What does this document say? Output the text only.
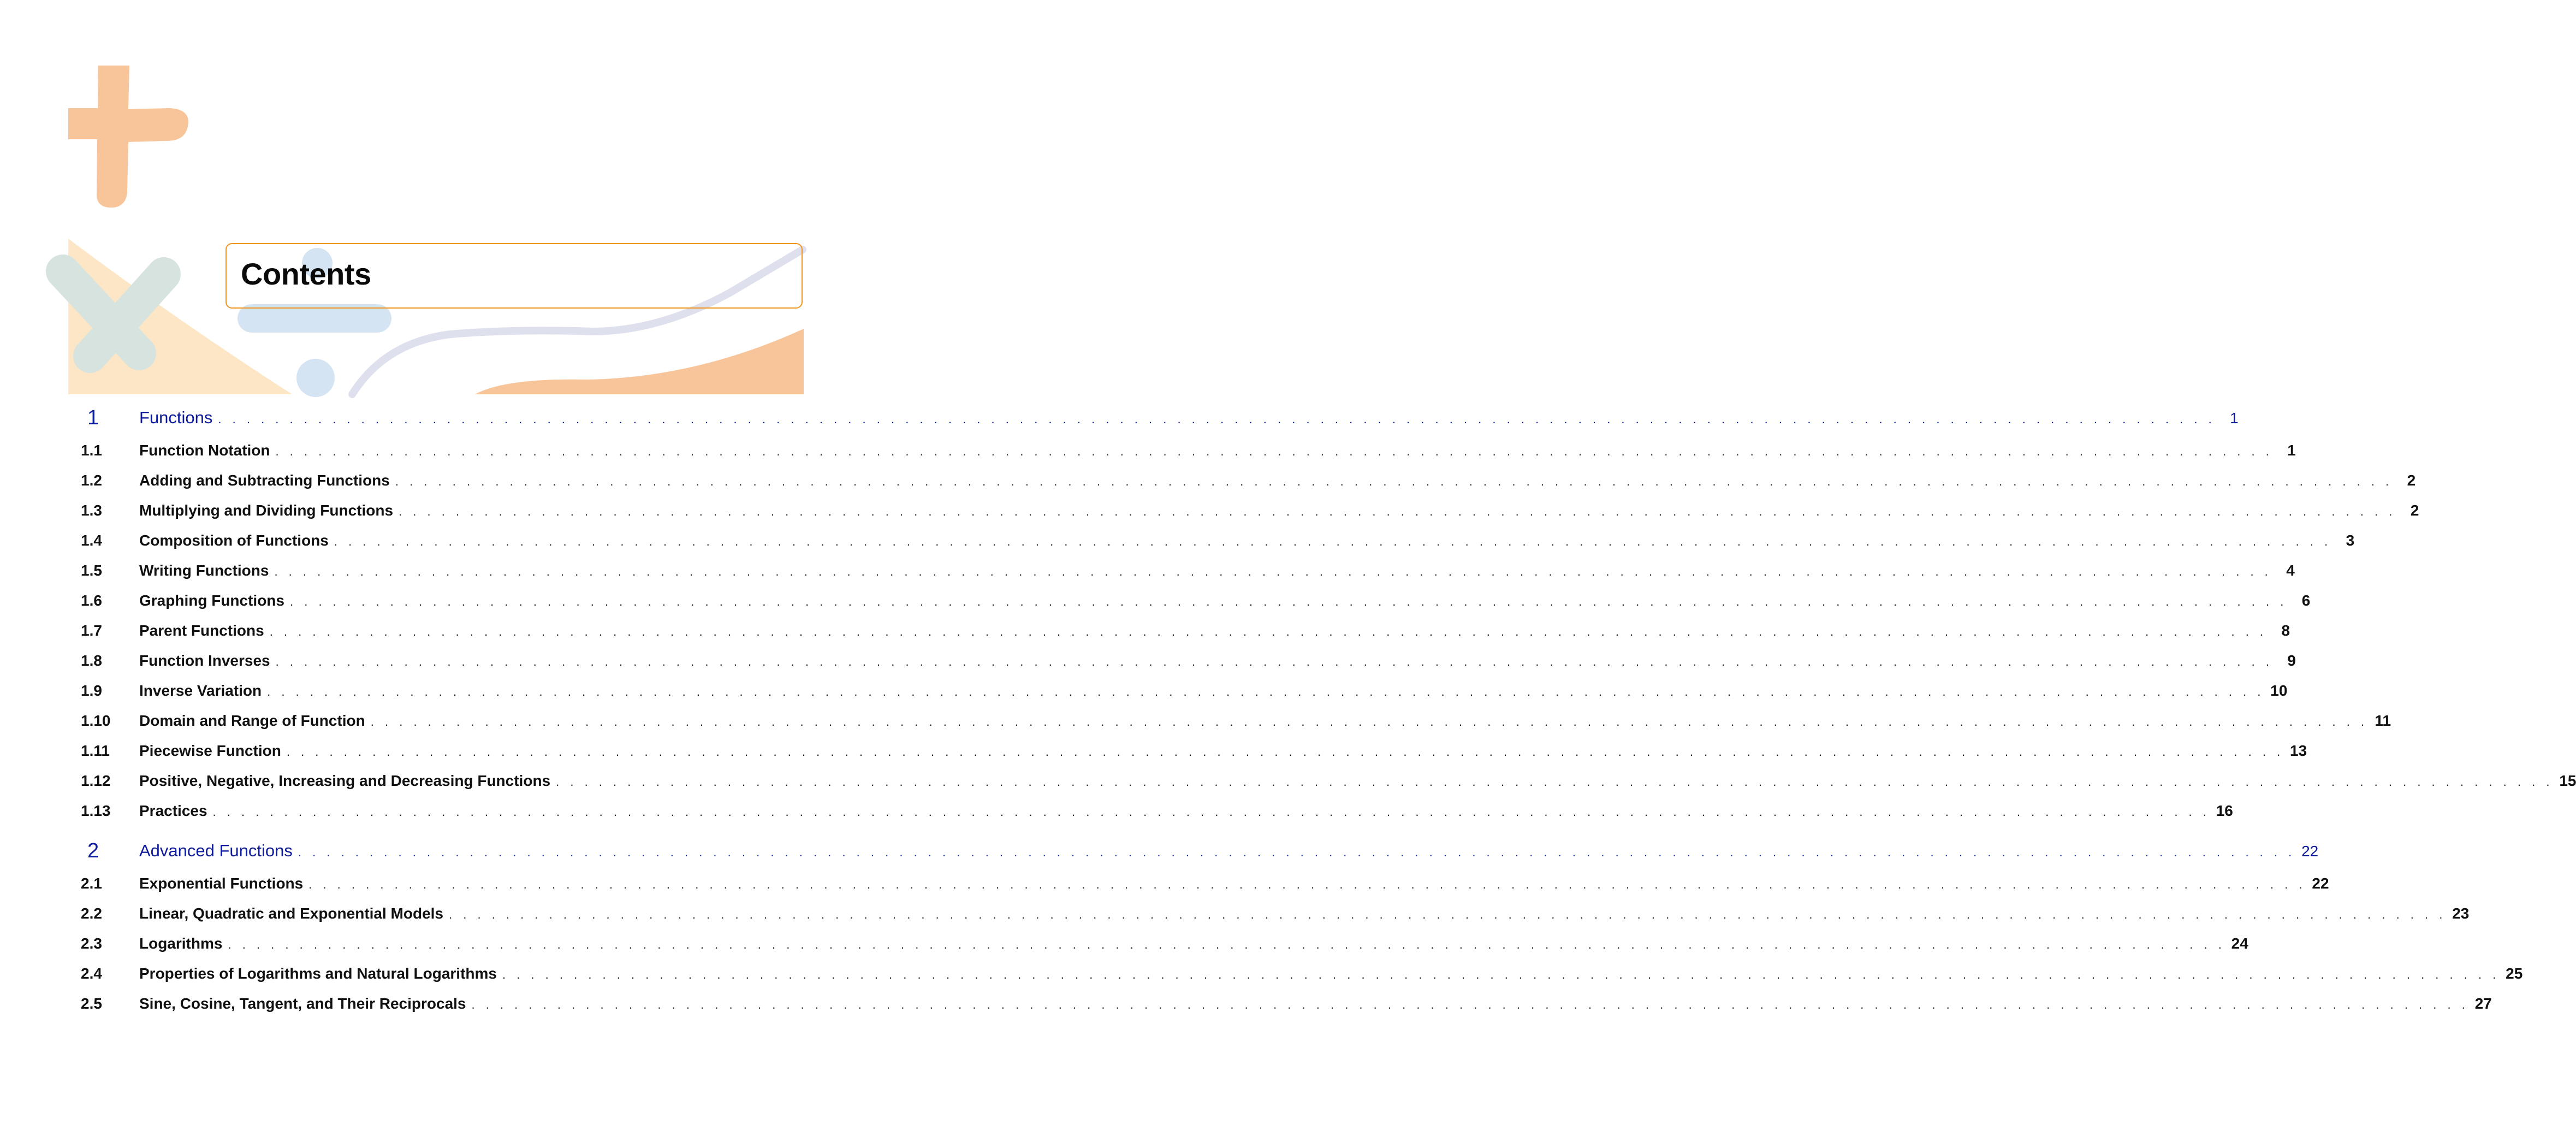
Contents
1	Functions . . . . . . . . . . . . . . . . . . . . . . . . . . . . . . . . . . . . . . . . . . . . . . . . . . . . . . . . . . . . . . . . . . . . . . . . . . . . . . . . . . . . . . . . . . . . . . . . . . . . . . . . . . . . . . . . . . . . . . . . . . . . . . . . . . . . . . . . . . . . 1
1.1	Function Notation . . . . . . . . . . . . . . . . . . . . . . . . . . . . . . . . . . . . . . . . . . . . . . . . . . . . . . . . . . . . . . . . . . . . . . . . . . . . . . . . . . . . . . . . . . . . . . . . . . . . . . . . . . . . . . . . . . . . . . . . . . . . . . . . . . . . . . . . . . . . 1
1.2	Adding and Subtracting Functions . . . . . . . . . . . . . . . . . . . . . . . . . . . . . . . . . . . . . . . . . . . . . . . . . . . . . . . . . . . . . . . . . . . . . . . . . . . . . . . . . . . . . . . . . . . . . . . . . . . . . . . . . . . . . . . . . . . . . . . . . . . . . . . . . . . . . . . . . . . . 2
1.3	Multiplying and Dividing Functions . . . . . . . . . . . . . . . . . . . . . . . . . . . . . . . . . . . . . . . . . . . . . . . . . . . . . . . . . . . . . . . . . . . . . . . . . . . . . . . . . . . . . . . . . . . . . . . . . . . . . . . . . . . . . . . . . . . . . . . . . . . . . . . . . . . . . . . . . . . . 2
1.4	Composition of Functions . . . . . . . . . . . . . . . . . . . . . . . . . . . . . . . . . . . . . . . . . . . . . . . . . . . . . . . . . . . . . . . . . . . . . . . . . . . . . . . . . . . . . . . . . . . . . . . . . . . . . . . . . . . . . . . . . . . . . . . . . . . . . . . . . . . . . . . . . . . . 3
1.5	Writing Functions . . . . . . . . . . . . . . . . . . . . . . . . . . . . . . . . . . . . . . . . . . . . . . . . . . . . . . . . . . . . . . . . . . . . . . . . . . . . . . . . . . . . . . . . . . . . . . . . . . . . . . . . . . . . . . . . . . . . . . . . . . . . . . . . . . . . . . . . . . . . 4
1.6	Graphing Functions . . . . . . . . . . . . . . . . . . . . . . . . . . . . . . . . . . . . . . . . . . . . . . . . . . . . . . . . . . . . . . . . . . . . . . . . . . . . . . . . . . . . . . . . . . . . . . . . . . . . . . . . . . . . . . . . . . . . . . . . . . . . . . . . . . . . . . . . . . . . 6
1.7	Parent Functions . . . . . . . . . . . . . . . . . . . . . . . . . . . . . . . . . . . . . . . . . . . . . . . . . . . . . . . . . . . . . . . . . . . . . . . . . . . . . . . . . . . . . . . . . . . . . . . . . . . . . . . . . . . . . . . . . . . . . . . . . . . . . . . . . . . . . . . . . . . . 8
1.8	Function Inverses . . . . . . . . . . . . . . . . . . . . . . . . . . . . . . . . . . . . . . . . . . . . . . . . . . . . . . . . . . . . . . . . . . . . . . . . . . . . . . . . . . . . . . . . . . . . . . . . . . . . . . . . . . . . . . . . . . . . . . . . . . . . . . . . . . . . . . . . . . . . 9
1.9	Inverse Variation . . . . . . . . . . . . . . . . . . . . . . . . . . . . . . . . . . . . . . . . . . . . . . . . . . . . . . . . . . . . . . . . . . . . . . . . . . . . . . . . . . . . . . . . . . . . . . . . . . . . . . . . . . . . . . . . . . . . . . . . . . . . . . . . . . . . . . . . . . . . 10
1.10	Domain and Range of Function . . . . . . . . . . . . . . . . . . . . . . . . . . . . . . . . . . . . . . . . . . . . . . . . . . . . . . . . . . . . . . . . . . . . . . . . . . . . . . . . . . . . . . . . . . . . . . . . . . . . . . . . . . . . . . . . . . . . . . . . . . . . . . . . . . . . . . . . . . . . 11
1.11	Piecewise Function . . . . . . . . . . . . . . . . . . . . . . . . . . . . . . . . . . . . . . . . . . . . . . . . . . . . . . . . . . . . . . . . . . . . . . . . . . . . . . . . . . . . . . . . . . . . . . . . . . . . . . . . . . . . . . . . . . . . . . . . . . . . . . . . . . . . . . . . . . . . 13
1.12	Positive, Negative, Increasing and Decreasing Functions . . . . . . . . . . . . . . . . . . . . . . . . . . . . . . . . . . . . . . . . . . . . . . . . . . . . . . . . . . . . . . . . . . . . . . . . . . . . . . . . . . . . . . . . . . . . . . . . . . . . . . . . . . . . . . . . . . . . . . . . . . . . . . . . . . . . . . . . . . . . 15
1.13	Practices . . . . . . . . . . . . . . . . . . . . . . . . . . . . . . . . . . . . . . . . . . . . . . . . . . . . . . . . . . . . . . . . . . . . . . . . . . . . . . . . . . . . . . . . . . . . . . . . . . . . . . . . . . . . . . . . . . . . . . . . . . . . . . . . . . . . . . . . . . . . 16
2	Advanced Functions . . . . . . . . . . . . . . . . . . . . . . . . . . . . . . . . . . . . . . . . . . . . . . . . . . . . . . . . . . . . . . . . . . . . . . . . . . . . . . . . . . . . . . . . . . . . . . . . . . . . . . . . . . . . . . . . . . . . . . . . . . . . . . . . . . . . . . . . . . . . 22
2.1	Exponential Functions . . . . . . . . . . . . . . . . . . . . . . . . . . . . . . . . . . . . . . . . . . . . . . . . . . . . . . . . . . . . . . . . . . . . . . . . . . . . . . . . . . . . . . . . . . . . . . . . . . . . . . . . . . . . . . . . . . . . . . . . . . . . . . . . . . . . . . . . . . . . 22
2.2	Linear, Quadratic and Exponential Models . . . . . . . . . . . . . . . . . . . . . . . . . . . . . . . . . . . . . . . . . . . . . . . . . . . . . . . . . . . . . . . . . . . . . . . . . . . . . . . . . . . . . . . . . . . . . . . . . . . . . . . . . . . . . . . . . . . . . . . . . . . . . . . . . . . . . . . . . . . . 23
2.3	Logarithms . . . . . . . . . . . . . . . . . . . . . . . . . . . . . . . . . . . . . . . . . . . . . . . . . . . . . . . . . . . . . . . . . . . . . . . . . . . . . . . . . . . . . . . . . . . . . . . . . . . . . . . . . . . . . . . . . . . . . . . . . . . . . . . . . . . . . . . . . . . . 24
2.4	Properties of Logarithms and Natural Logarithms . . . . . . . . . . . . . . . . . . . . . . . . . . . . . . . . . . . . . . . . . . . . . . . . . . . . . . . . . . . . . . . . . . . . . . . . . . . . . . . . . . . . . . . . . . . . . . . . . . . . . . . . . . . . . . . . . . . . . . . . . . . . . . . . . . . . . . . . . . . . 25
2.5	Sine, Cosine, Tangent, and Their Reciprocals . . . . . . . . . . . . . . . . . . . . . . . . . . . . . . . . . . . . . . . . . . . . . . . . . . . . . . . . . . . . . . . . . . . . . . . . . . . . . . . . . . . . . . . . . . . . . . . . . . . . . . . . . . . . . . . . . . . . . . . . . . . . . . . . . . . . . . . . . . . . 27
